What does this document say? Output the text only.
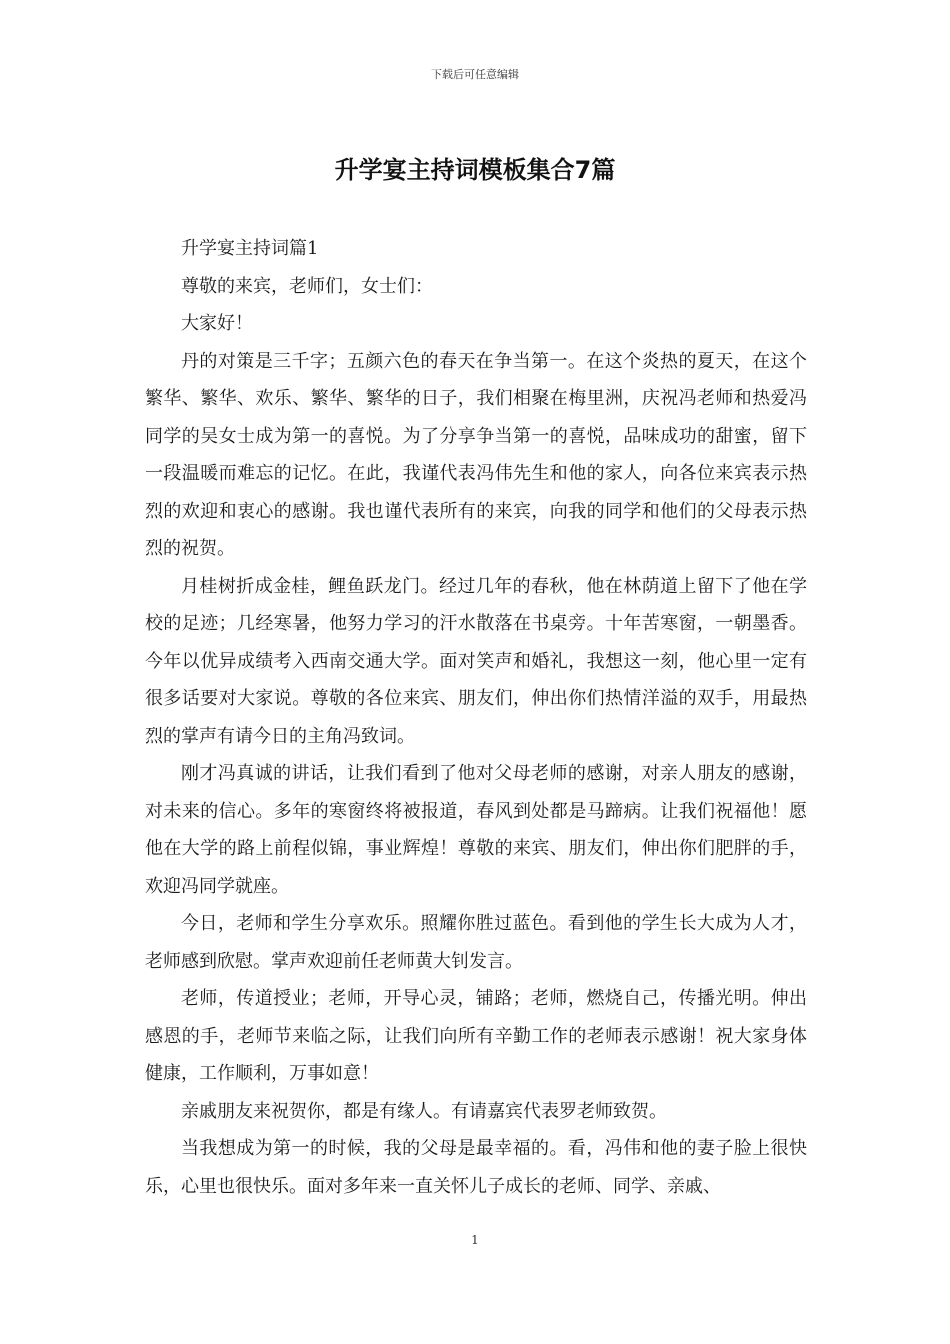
下载后可任意编辑
升学宴主持词模板集合7篇

升学宴主持词篇1

尊敬的来宾，老师们，女士们：

大家好！

丹的对策是三千字；五颜六色的春天在争当第一。在这个炎热的夏天，在这个繁华、繁华、欢乐、繁华、繁华的日子，我们相聚在梅里洲，庆祝冯老师和热爱冯同学的吴女士成为第一的喜悦。为了分享争当第一的喜悦，品味成功的甜蜜，留下一段温暖而难忘的记忆。在此，我谨代表冯伟先生和他的家人，向各位来宾表示热烈的欢迎和衷心的感谢。我也谨代表所有的来宾，向我的同学和他们的父母表示热烈的祝贺。

月桂树折成金桂，鲤鱼跃龙门。经过几年的春秋，他在林荫道上留下了他在学校的足迹；几经寒暑，他努力学习的汗水散落在书桌旁。十年苦寒窗，一朝墨香。今年以优异成绩考入西南交通大学。面对笑声和婚礼，我想这一刻，他心里一定有很多话要对大家说。尊敬的各位来宾、朋友们，伸出你们热情洋溢的双手，用最热烈的掌声有请今日的主角冯致词。

刚才冯真诚的讲话，让我们看到了他对父母老师的感谢，对亲人朋友的感谢，对未来的信心。多年的寒窗终将被报道，春风到处都是马蹄病。让我们祝福他！愿他在大学的路上前程似锦，事业辉煌！尊敬的来宾、朋友们，伸出你们肥胖的手，欢迎冯同学就座。

今日，老师和学生分享欢乐。照耀你胜过蓝色。看到他的学生长大成为人才，老师感到欣慰。掌声欢迎前任老师黄大钊发言。

老师，传道授业；老师，开导心灵，铺路；老师，燃烧自己，传播光明。伸出感恩的手，老师节来临之际，让我们向所有辛勤工作的老师表示感谢！祝大家身体健康，工作顺利，万事如意！

亲戚朋友来祝贺你，都是有缘人。有请嘉宾代表罗老师致贺。

当我想成为第一的时候，我的父母是最幸福的。看，冯伟和他的妻子脸上很快乐，心里也很快乐。面对多年来一直关怀儿子成长的老师、同学、亲戚、

1
